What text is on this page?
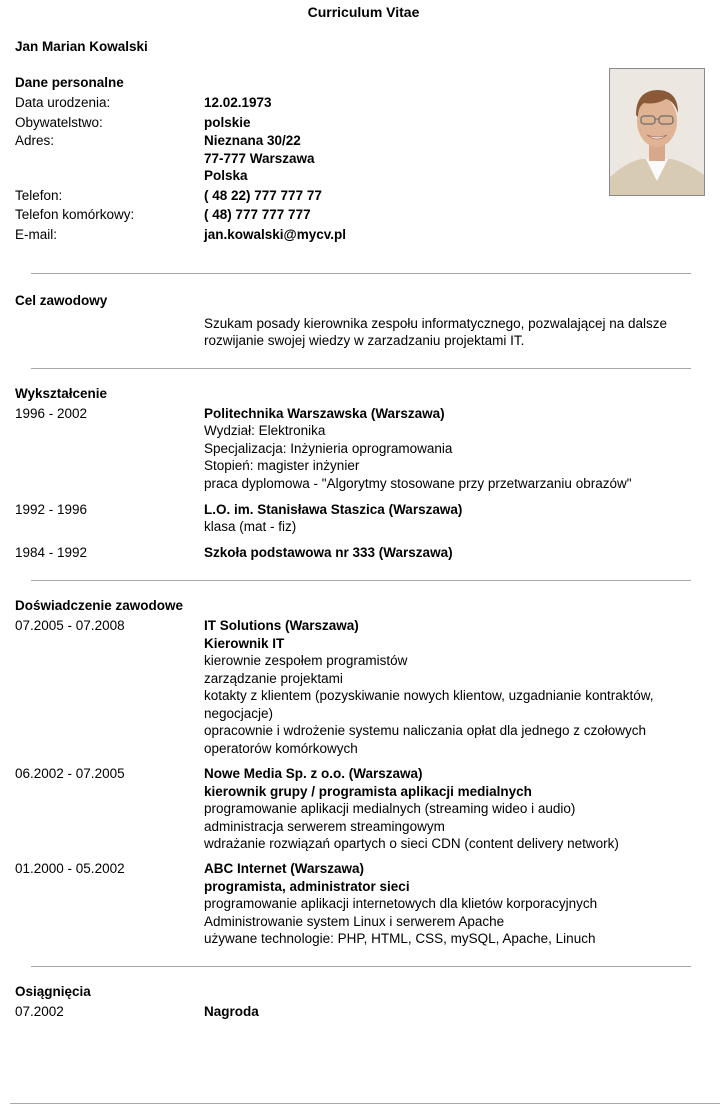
Curriculum Vitae
Jan Marian Kowalski
Dane personalne
Data urodzenia:	12.02.1973
Obywatelstwo:	polskie
Adres:	Nieznana 30/22
77-777 Warszawa
Polska
Telefon:	( 48 22) 777 777 77
Telefon komórkowy:	( 48) 777 777 777
E-mail:	jan.kowalski@mycv.pl
Cel zawodowy
Szukam posady kierownika zespołu informatycznego, pozwalającej na dalsze
rozwijanie swojej wiedzy w zarzadzaniu projektami IT.
Wykształcenie
1996 - 2002	Politechnika Warszawska (Warszawa)
Wydział: Elektronika
Specjalizacja: Inżynieria oprogramowania
Stopień: magister inżynier
praca dyplomowa - "Algorytmy stosowane przy przetwarzaniu obrazów"
1992 - 1996	L.O. im. Stanisława Staszica (Warszawa)
klasa (mat - fiz)
1984 - 1992	Szkoła podstawowa nr 333 (Warszawa)
Doświadczenie zawodowe
07.2005 - 07.2008	IT Solutions (Warszawa)
Kierownik IT
kierownie zespołem programistów
zarządzanie projektami
kotakty z klientem (pozyskiwanie nowych klientow, uzgadnianie kontraktów,
negocjacje)
opracownie i wdrożenie systemu naliczania opłat dla jednego z czołowych
operatorów komórkowych
06.2002 - 07.2005	Nowe Media Sp. z o.o. (Warszawa)
kierownik grupy / programista aplikacji medialnych
programowanie aplikacji medialnych (streaming wideo i audio)
administracja serwerem streamingowym
wdrażanie rozwiązań opartych o sieci CDN (content delivery network)
01.2000 - 05.2002	ABC Internet (Warszawa)
programista, administrator sieci
programowanie aplikacji internetowych dla klietów korporacyjnych
Administrowanie system Linux i serwerem Apache
używane technologie: PHP, HTML, CSS, mySQL, Apache, Linuch
Osiągnięcia
07.2002	Nagroda
